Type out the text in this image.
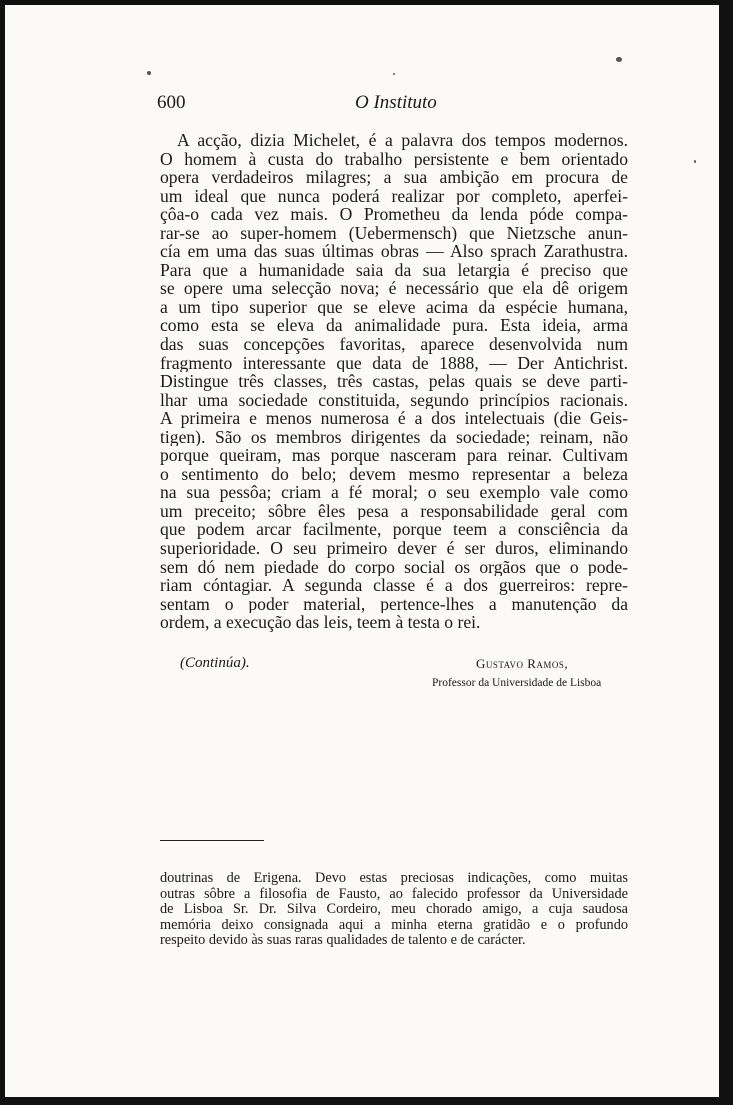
600	O Instituto
A acção, dizia Michelet, é a palavra dos tempos modernos.
O homem à custa do trabalho persistente e bem orientado
opera verdadeiros milagres; a sua ambição em procura de
um ideal que nunca poderá realizar por completo, aperfei-
çôa-o cada vez mais. O Prometheu da lenda póde compa-
rar-se ao super-homem (Uebermensch) que Nietzsche anun-
cía em uma das suas últimas obras — Also sprach Zarathustra.
Para que a humanidade saia da sua letargia é preciso que
se opere uma selecção nova; é necessário que ela dê origem
a um tipo superior que se eleve acima da espécie humana,
como esta se eleva da animalidade pura. Esta ideia, arma
das suas concepções favoritas, aparece desenvolvida num
fragmento interessante que data de 1888, — Der Antichrist.
Distingue três classes, três castas, pelas quais se deve parti-
lhar uma sociedade constituida, segundo princípios racionais.
A primeira e menos numerosa é a dos intelectuais (die Geis-
tigen). São os membros dirigentes da sociedade; reinam, não
porque queiram, mas porque nasceram para reinar. Cultivam
o sentimento do belo; devem mesmo representar a beleza
na sua pessôa; criam a fé moral; o seu exemplo vale como
um preceito; sôbre êles pesa a responsabilidade geral com
que podem arcar facilmente, porque teem a consciência da
superioridade. O seu primeiro dever é ser duros, eliminando
sem dó nem piedade do corpo social os orgãos que o pode-
riam cóntagiar. A segunda classe é a dos guerreiros: repre-
sentam o poder material, pertence-lhes a manutenção da
ordem, a execução das leis, teem à testa o rei.
(Continúa).	Gustavo Ramos,
Professor da Universidade de Lisboa
doutrinas de Erigena. Devo estas preciosas indicações, como muitas
outras sôbre a filosofia de Fausto, ao falecido professor da Universidade
de Lisboa Sr. Dr. Silva Cordeiro, meu chorado amigo, a cuja saudosa
memória deixo consignada aqui a minha eterna gratidão e o profundo
respeito devido às suas raras qualidades de talento e de carácter.
